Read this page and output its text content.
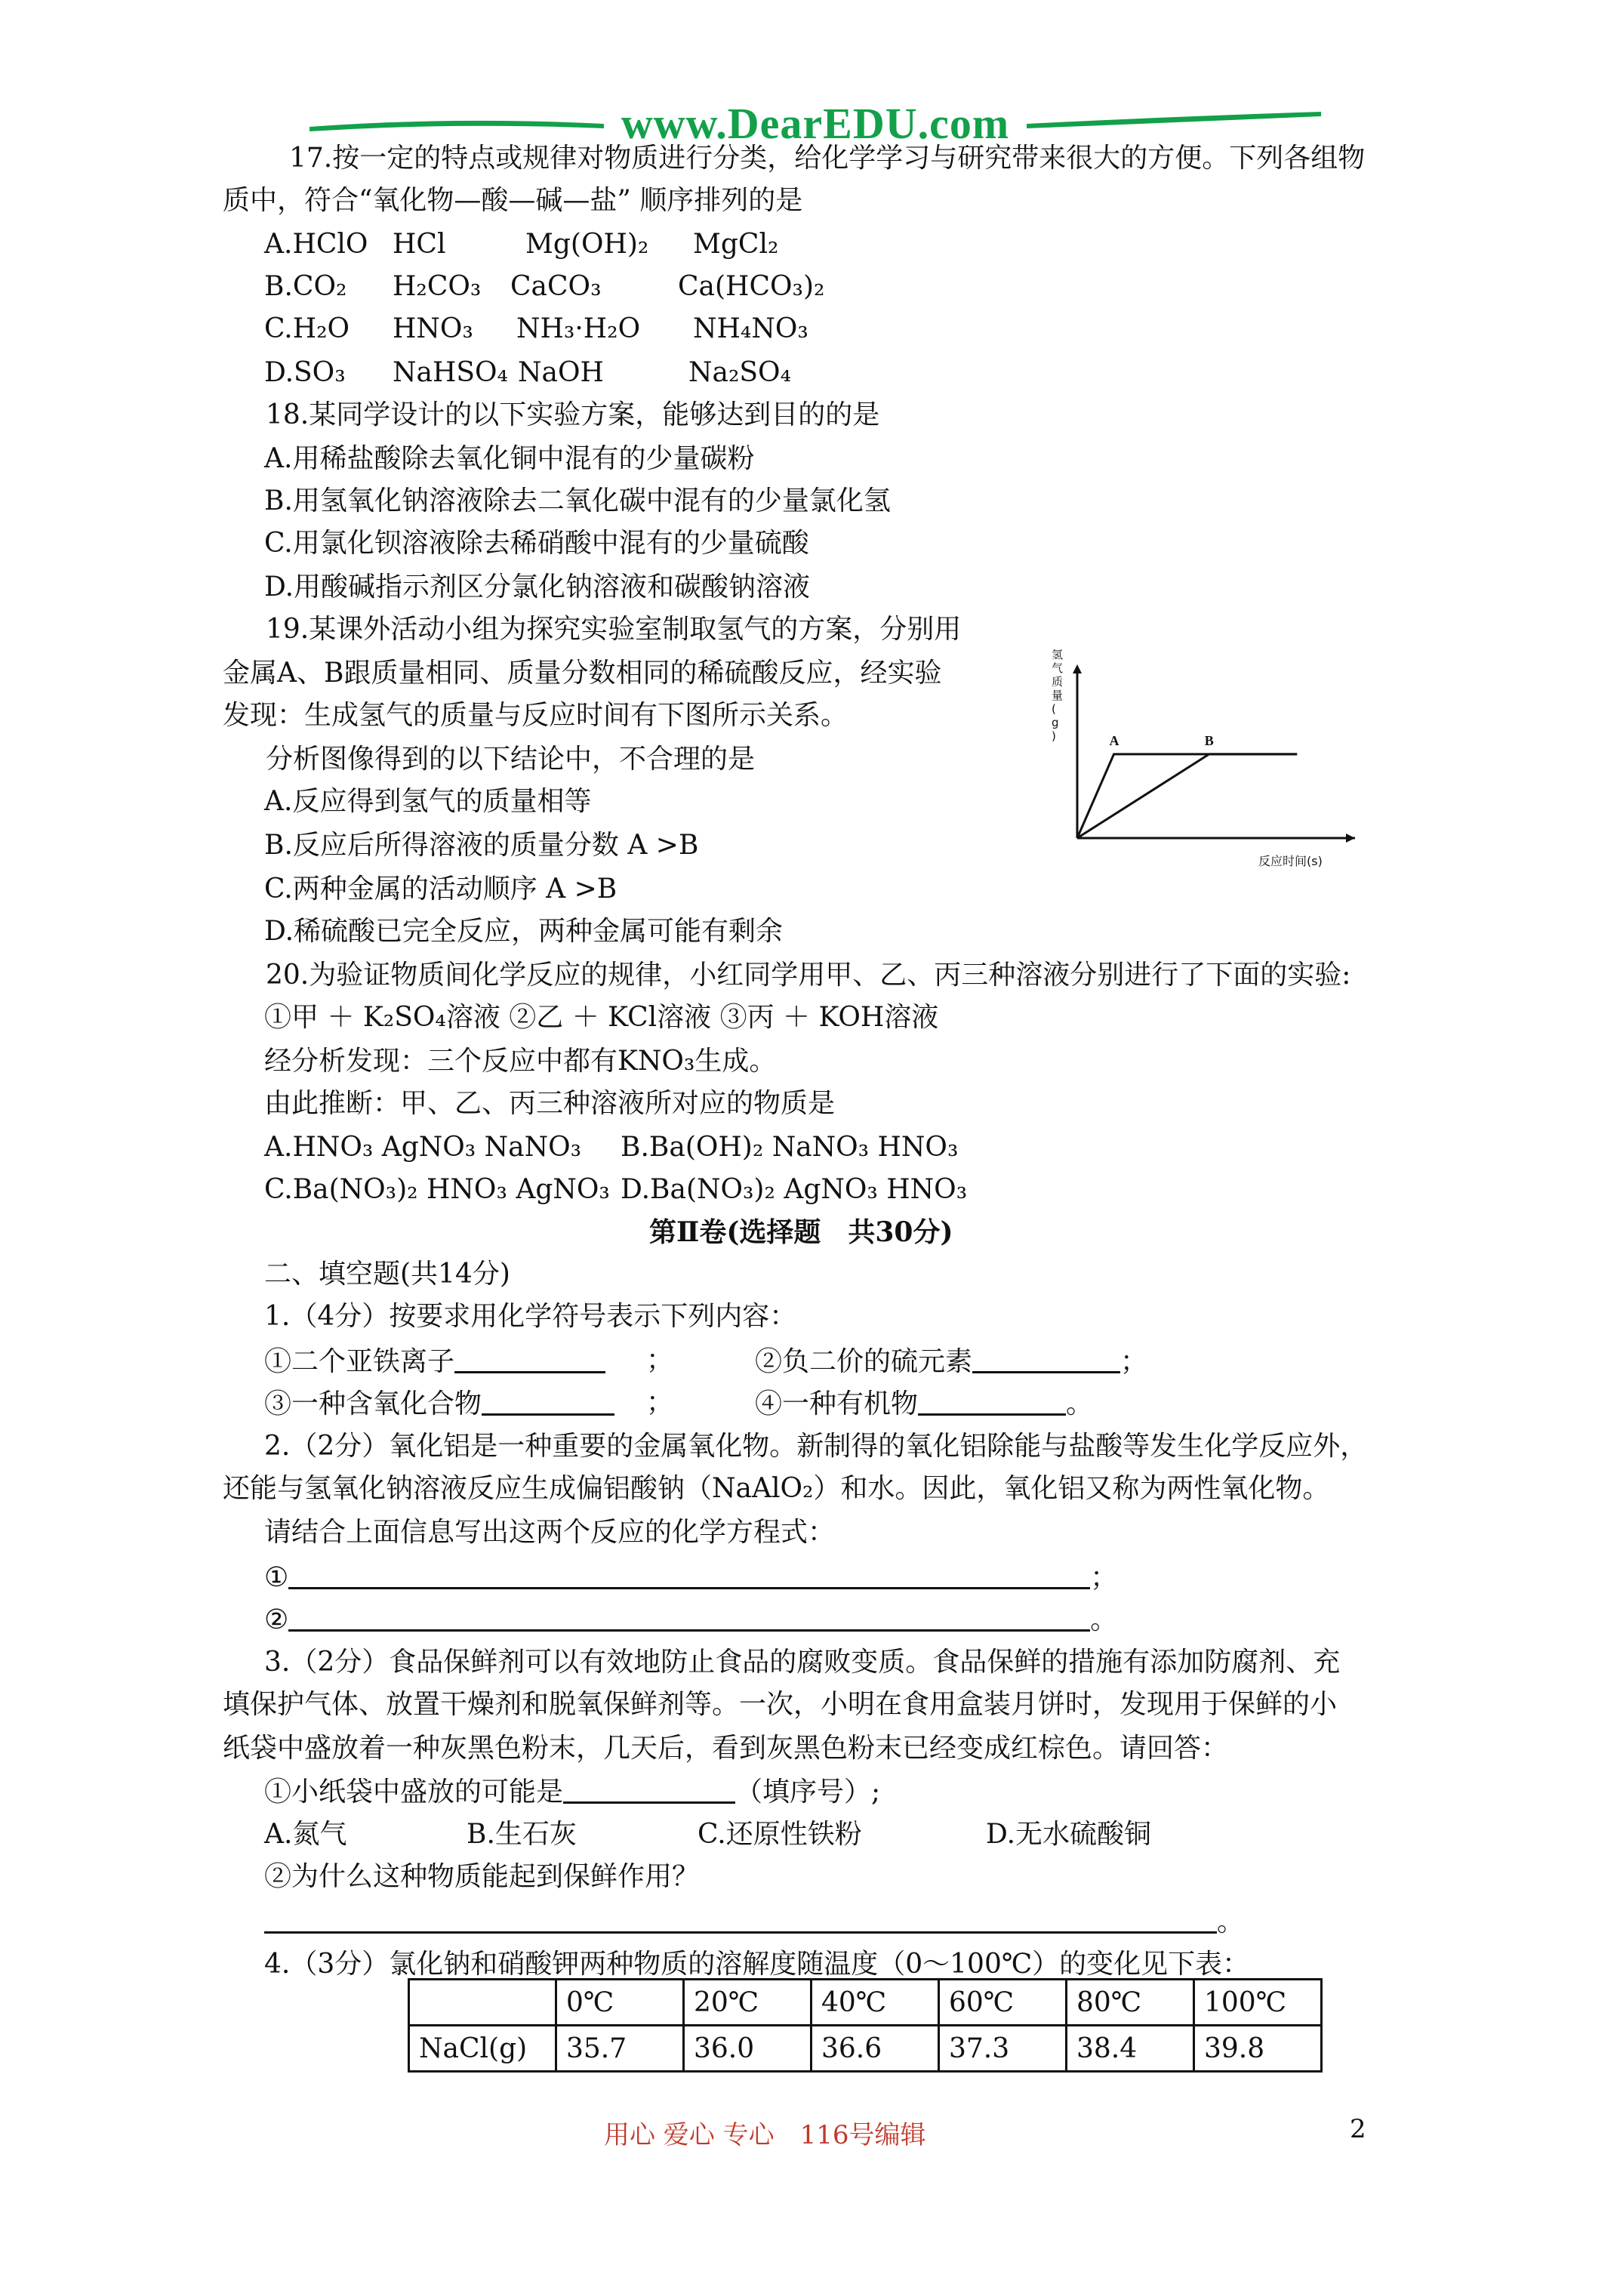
www.DearEDU.com
17.按一定的特点或规律对物质进行分类，给化学学习与研究带来很大的方便。下列各组物
质中，符合“氧化物—酸—碱—盐” 顺序排列的是
A.HClO HCl	Mg(OH)₂ MgCl₂
B.CO₂ H₂CO₃ CaCO₃	Ca(HCO₃)₂
C.H₂O HNO₃ NH₃·H₂O NH₄NO₃
D.SO₃ NaHSO₄ NaOH	Na₂SO₄
18.某同学设计的以下实验方案，能够达到目的的是
A.用稀盐酸除去氧化铜中混有的少量碳粉
B.用氢氧化钠溶液除去二氧化碳中混有的少量氯化氢
C.用氯化钡溶液除去稀硝酸中混有的少量硫酸
D.用酸碱指示剂区分氯化钠溶液和碳酸钠溶液
19.某课外活动小组为探究实验室制取氢气的方案，分别用
金属A、B跟质量相同、质量分数相同的稀硫酸反应，经实验
发现：生成氢气的质量与反应时间有下图所示关系。
分析图像得到的以下结论中，不合理的是
A.反应得到氢气的质量相等
B.反应后所得溶液的质量分数 A >B
C.两种金属的活动顺序 A >B
D.稀硫酸已完全反应，两种金属可能有剩余
A	B
氢
气
质
量
(
g
)
反应时间(s)
20.为验证物质间化学反应的规律，小红同学用甲、乙、丙三种溶液分别进行了下面的实验:
①甲 ＋ K₂SO₄溶液 ②乙 ＋ KCl溶液 ③丙 ＋ KOH溶液
经分析发现：三个反应中都有KNO₃生成。
由此推断：甲、乙、丙三种溶液所对应的物质是
A.HNO₃ AgNO₃ NaNO₃ B.Ba(OH)₂ NaNO₃ HNO₃
C.Ba(NO₃)₂ HNO₃ AgNO₃ D.Ba(NO₃)₂ AgNO₃ HNO₃
第Ⅱ卷(选择题　共30分)
二、填空题(共14分)
1.（4分）按要求用化学符号表示下列内容：
①二个亚铁离子	；	②负二价的硫元素	；
③一种含氧化合物	；	④一种有机物	。
2.（2分）氧化铝是一种重要的金属氧化物。新制得的氧化铝除能与盐酸等发生化学反应外，
还能与氢氧化钠溶液反应生成偏铝酸钠（NaAlO₂）和水。因此，氧化铝又称为两性氧化物。
请结合上面信息写出这两个反应的化学方程式：
①	；
②	。
3.（2分）食品保鲜剂可以有效地防止食品的腐败变质。食品保鲜的措施有添加防腐剂、充
填保护气体、放置干燥剂和脱氧保鲜剂等。一次，小明在食用盒装月饼时，发现用于保鲜的小
纸袋中盛放着一种灰黑色粉末，几天后，看到灰黑色粉末已经变成红棕色。请回答：
①小纸袋中盛放的可能是	（填序号）;
A.氮气	B.生石灰	C.还原性铁粉	D.无水硫酸铜
②为什么这种物质能起到保鲜作用？
。
4.（3分）氯化钠和硝酸钾两种物质的溶解度随温度（0～100℃）的变化见下表：
	0℃	20℃	40℃	60℃	80℃	100℃
NaCl(g)	35.7	36.0	36.6	37.3	38.4	39.8
用心 爱心 专心　116号编辑	2
